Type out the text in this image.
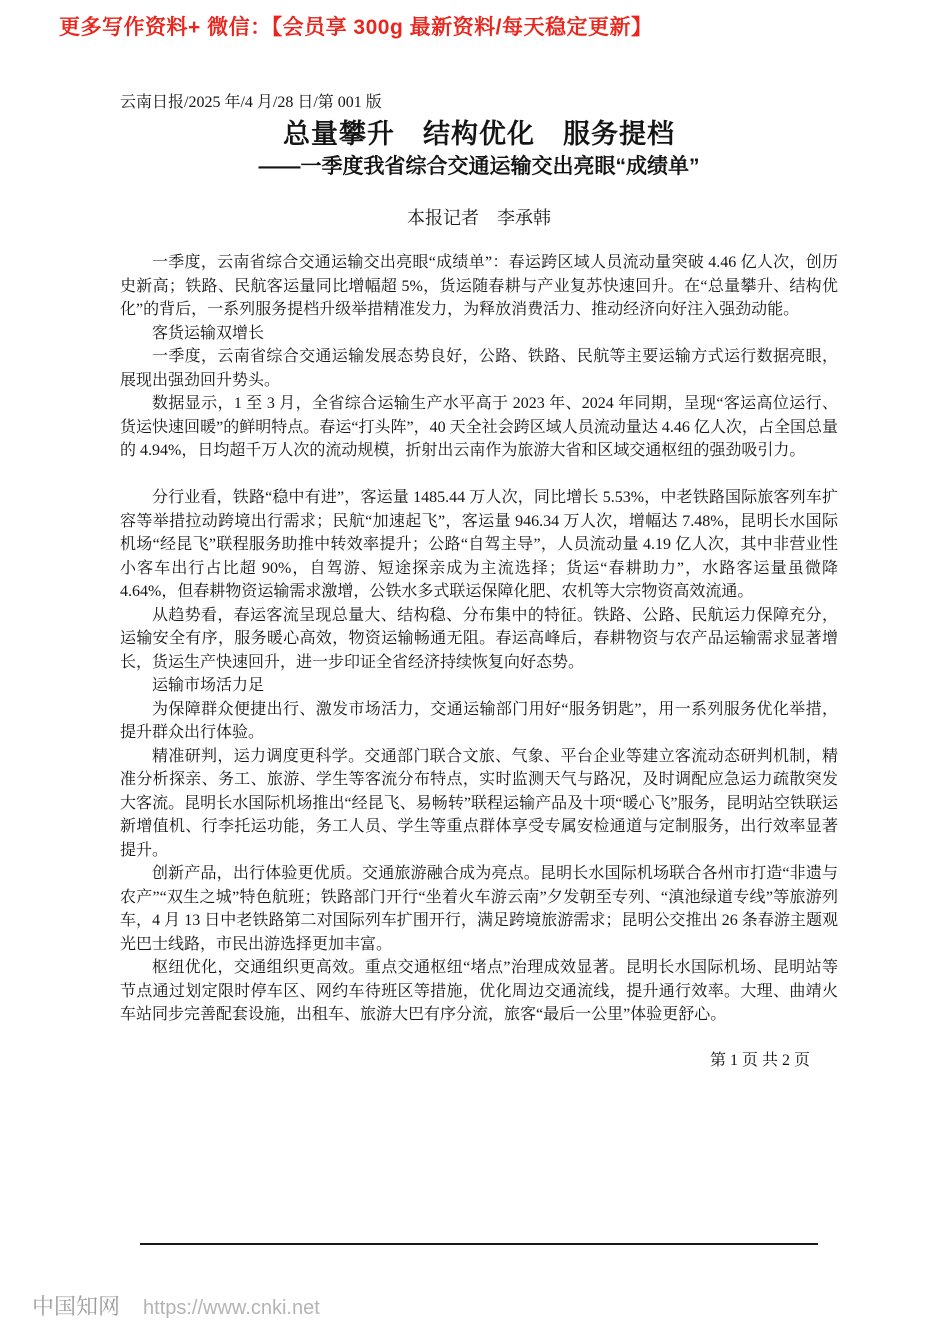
更多写作资料+ 微信：【会员享 300g 最新资料/每天稳定更新】
云南日报/2025 年/4 月/28 日/第 001 版
总量攀升　结构优化　服务提档
——一季度我省综合交通运输交出亮眼“成绩单”
本报记者　李承韩

一季度，云南省综合交通运输交出亮眼“成绩单”：春运跨区域人员流动量突破 4.46 亿人次，创历史新高；铁路、民航客运量同比增幅超 5%，货运随春耕与产业复苏快速回升。在“总量攀升、结构优化”的背后，一系列服务提档升级举措精准发力，为释放消费活力、推动经济向好注入强劲动能。

客货运输双增长

一季度，云南省综合交通运输发展态势良好，公路、铁路、民航等主要运输方式运行数据亮眼，展现出强劲回升势头。

数据显示，1 至 3 月，全省综合运输生产水平高于 2023 年、2024 年同期，呈现“客运高位运行、货运快速回暖”的鲜明特点。春运“打头阵”，40 天全社会跨区域人员流动量达 4.46 亿人次，占全国总量的 4.94%，日均超千万人次的流动规模，折射出云南作为旅游大省和区域交通枢纽的强劲吸引力。

分行业看，铁路“稳中有进”，客运量 1485.44 万人次，同比增长 5.53%，中老铁路国际旅客列车扩容等举措拉动跨境出行需求；民航“加速起飞”，客运量 946.34 万人次，增幅达 7.48%，昆明长水国际机场“经昆飞”联程服务助推中转效率提升；公路“自驾主导”，人员流动量 4.19 亿人次，其中非营业性小客车出行占比超 90%，自驾游、短途探亲成为主流选择；货运“春耕助力”，水路客运量虽微降 4.64%，但春耕物资运输需求激增，公铁水多式联运保障化肥、农机等大宗物资高效流通。

从趋势看，春运客流呈现总量大、结构稳、分布集中的特征。铁路、公路、民航运力保障充分，运输安全有序，服务暖心高效，物资运输畅通无阻。春运高峰后，春耕物资与农产品运输需求显著增长，货运生产快速回升，进一步印证全省经济持续恢复向好态势。

运输市场活力足

为保障群众便捷出行、激发市场活力，交通运输部门用好“服务钥匙”，用一系列服务优化举措，提升群众出行体验。

精准研判，运力调度更科学。交通部门联合文旅、气象、平台企业等建立客流动态研判机制，精准分析探亲、务工、旅游、学生等客流分布特点，实时监测天气与路况，及时调配应急运力疏散突发大客流。昆明长水国际机场推出“经昆飞、易畅转”联程运输产品及十项“暖心飞”服务，昆明站空铁联运新增值机、行李托运功能，务工人员、学生等重点群体享受专属安检通道与定制服务，出行效率显著提升。

创新产品，出行体验更优质。交通旅游融合成为亮点。昆明长水国际机场联合各州市打造“非遗与农产”“双生之城”特色航班；铁路部门开行“坐着火车游云南”夕发朝至专列、“滇池绿道专线”等旅游列车，4 月 13 日中老铁路第二对国际列车扩围开行，满足跨境旅游需求；昆明公交推出 26 条春游主题观光巴士线路，市民出游选择更加丰富。

枢纽优化，交通组织更高效。重点交通枢纽“堵点”治理成效显著。昆明长水国际机场、昆明站等节点通过划定限时停车区、网约车待班区等措施，优化周边交通流线，提升通行效率。大理、曲靖火车站同步完善配套设施，出租车、旅游大巴有序分流，旅客“最后一公里”体验更舒心。

第 1 页 共 2 页
中国知网 https://www.cnki.net
